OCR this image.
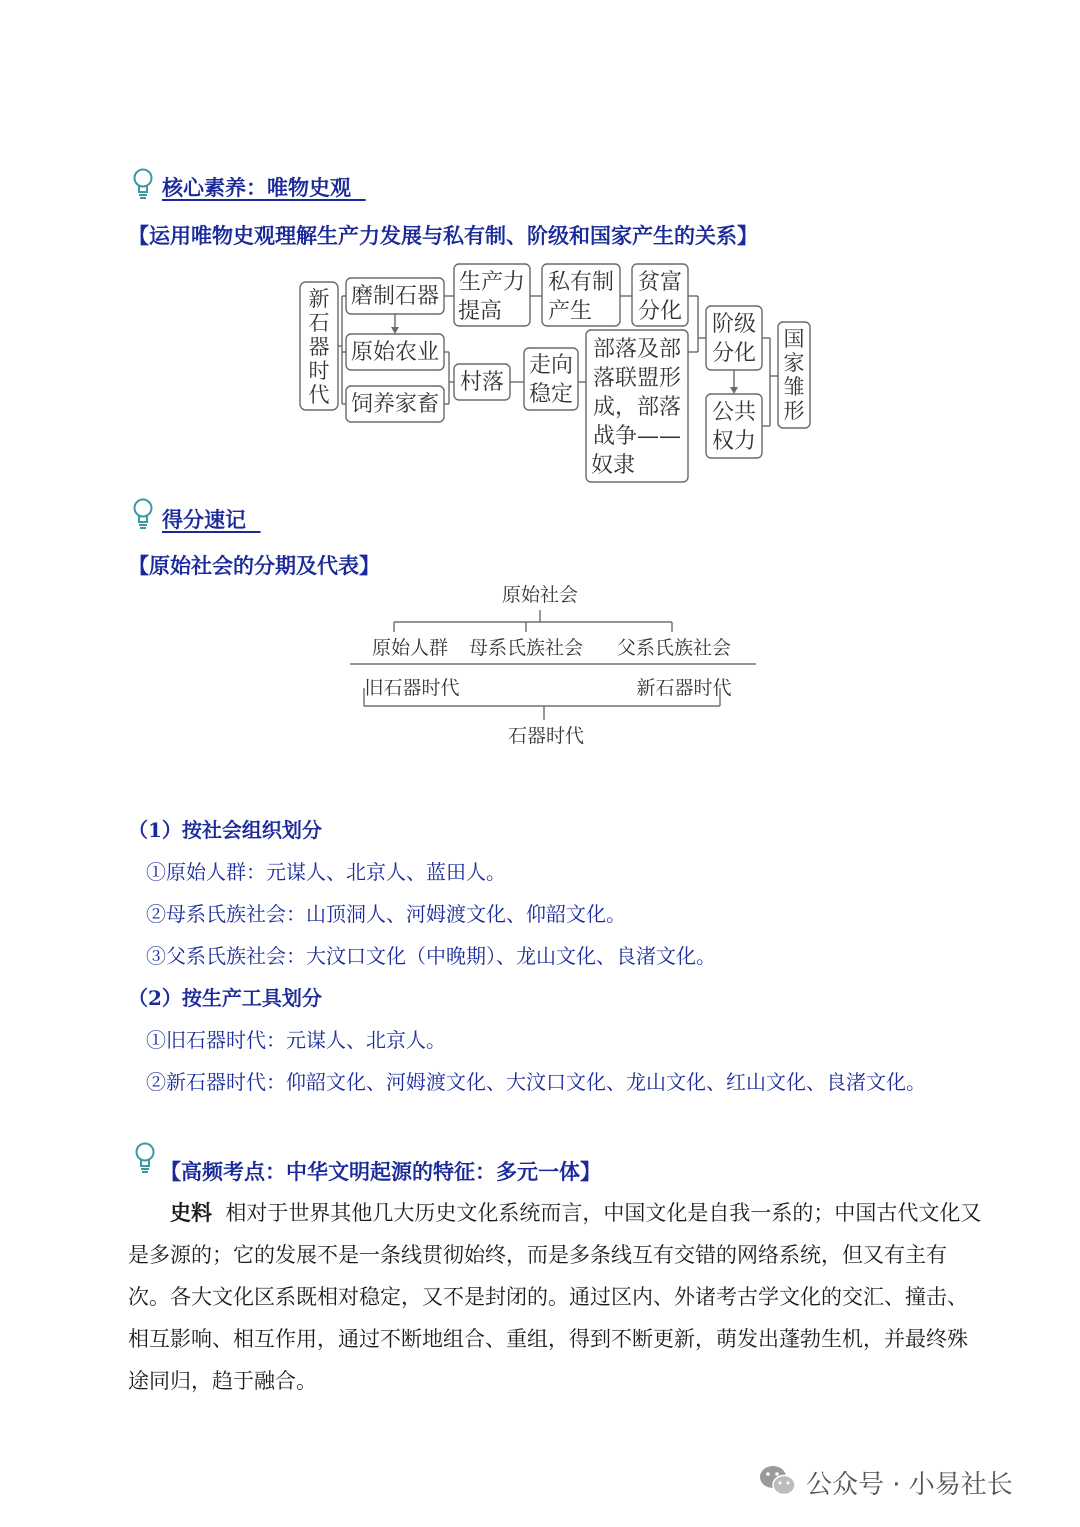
核心素养：唯物史观
【运用唯物史观理解生产力发展与私有制、阶级和国家产生的关系】
新
石
器
时
代
国
家
雏
形
磨制石器
原始农业
饲养家畜
生产力
提高
村落
走向
稳定
私有制
产生
贫富
分化
部落及部
落联盟形
成，部落
战争——
奴隶
阶级
分化
公共
权力
得分速记
【原始社会的分期及代表】
原始社会
原始人群 母系氏族社会 父系氏族社会
旧石器时代	新石器时代
石器时代
（1）按社会组织划分
①原始人群：元谋人、北京人、蓝田人。
②母系氏族社会：山顶洞人、河姆渡文化、仰韶文化。
③父系氏族社会：大汶口文化（中晚期）、龙山文化、良渚文化。
（2）按生产工具划分
①旧石器时代：元谋人、北京人。
②新石器时代：仰韶文化、河姆渡文化、大汶口文化、龙山文化、红山文化、良渚文化。
【高频考点：中华文明起源的特征：多元一体】
史料 相对于世界其他几大历史文化系统而言，中国文化是自我一系的；中国古代文化又是多源的；它的发展不是一条线贯彻始终，而是多条线互有交错的网络系统，但又有主有次。各大文化区系既相对稳定，又不是封闭的。通过区内、外诸考古学文化的交汇、撞击、相互影响、相互作用，通过不断地组合、重组，得到不断更新，萌发出蓬勃生机，并最终殊途同归，趋于融合。
公众号 · 小易社长
